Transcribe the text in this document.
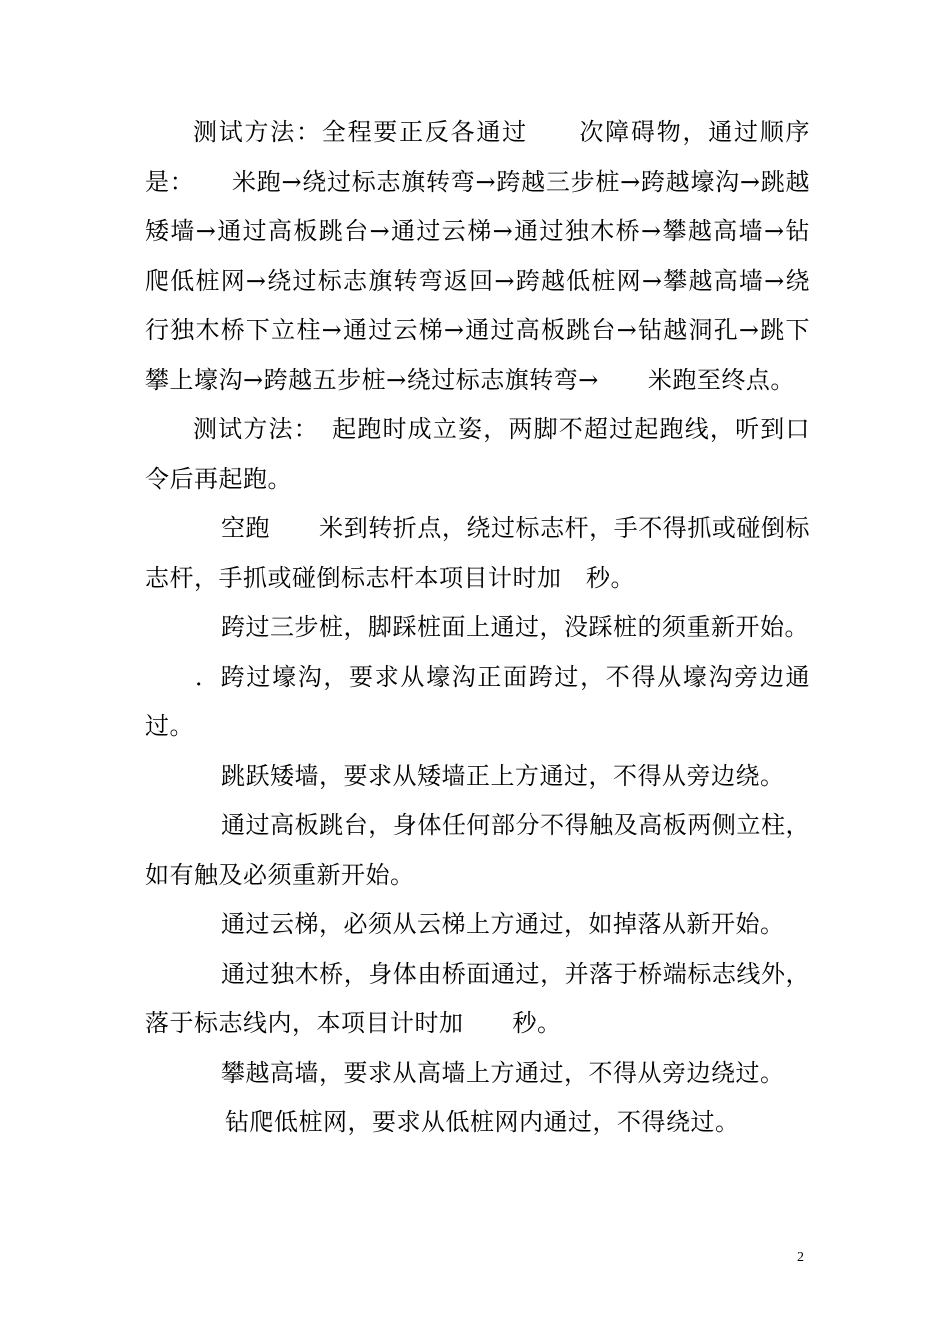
测试方法：全程要正反各通过　　次障碍物，通过顺序是：　　米跑→绕过标志旗转弯→跨越三步桩→跨越壕沟→跳越矮墙→通过高板跳台→通过云梯→通过独木桥→攀越高墙→钻爬低桩网→绕过标志旗转弯返回→跨越低桩网→攀越高墙→绕行独木桥下立柱→通过云梯→通过高板跳台→钻越洞孔→跳下攀上壕沟→跨越五步桩→绕过标志旗转弯→　　米跑至终点。

测试方法：　起跑时成立姿，两脚不超过起跑线，听到口令后再起跑。

空跑　　米到转折点，绕过标志杆，手不得抓或碰倒标志杆，手抓或碰倒标志杆本项目计时加　秒。

跨过三步桩，脚踩桩面上通过，没踩桩的须重新开始。

．跨过壕沟，要求从壕沟正面跨过，不得从壕沟旁边通过。

跳跃矮墙，要求从矮墙正上方通过，不得从旁边绕。

通过高板跳台，身体任何部分不得触及高板两侧立柱，如有触及必须重新开始。

通过云梯，必须从云梯上方通过，如掉落从新开始。

通过独木桥，身体由桥面通过，并落于桥端标志线外，落于标志线内，本项目计时加　　秒。

攀越高墙，要求从高墙上方通过，不得从旁边绕过。

钻爬低桩网，要求从低桩网内通过，不得绕过。

2
